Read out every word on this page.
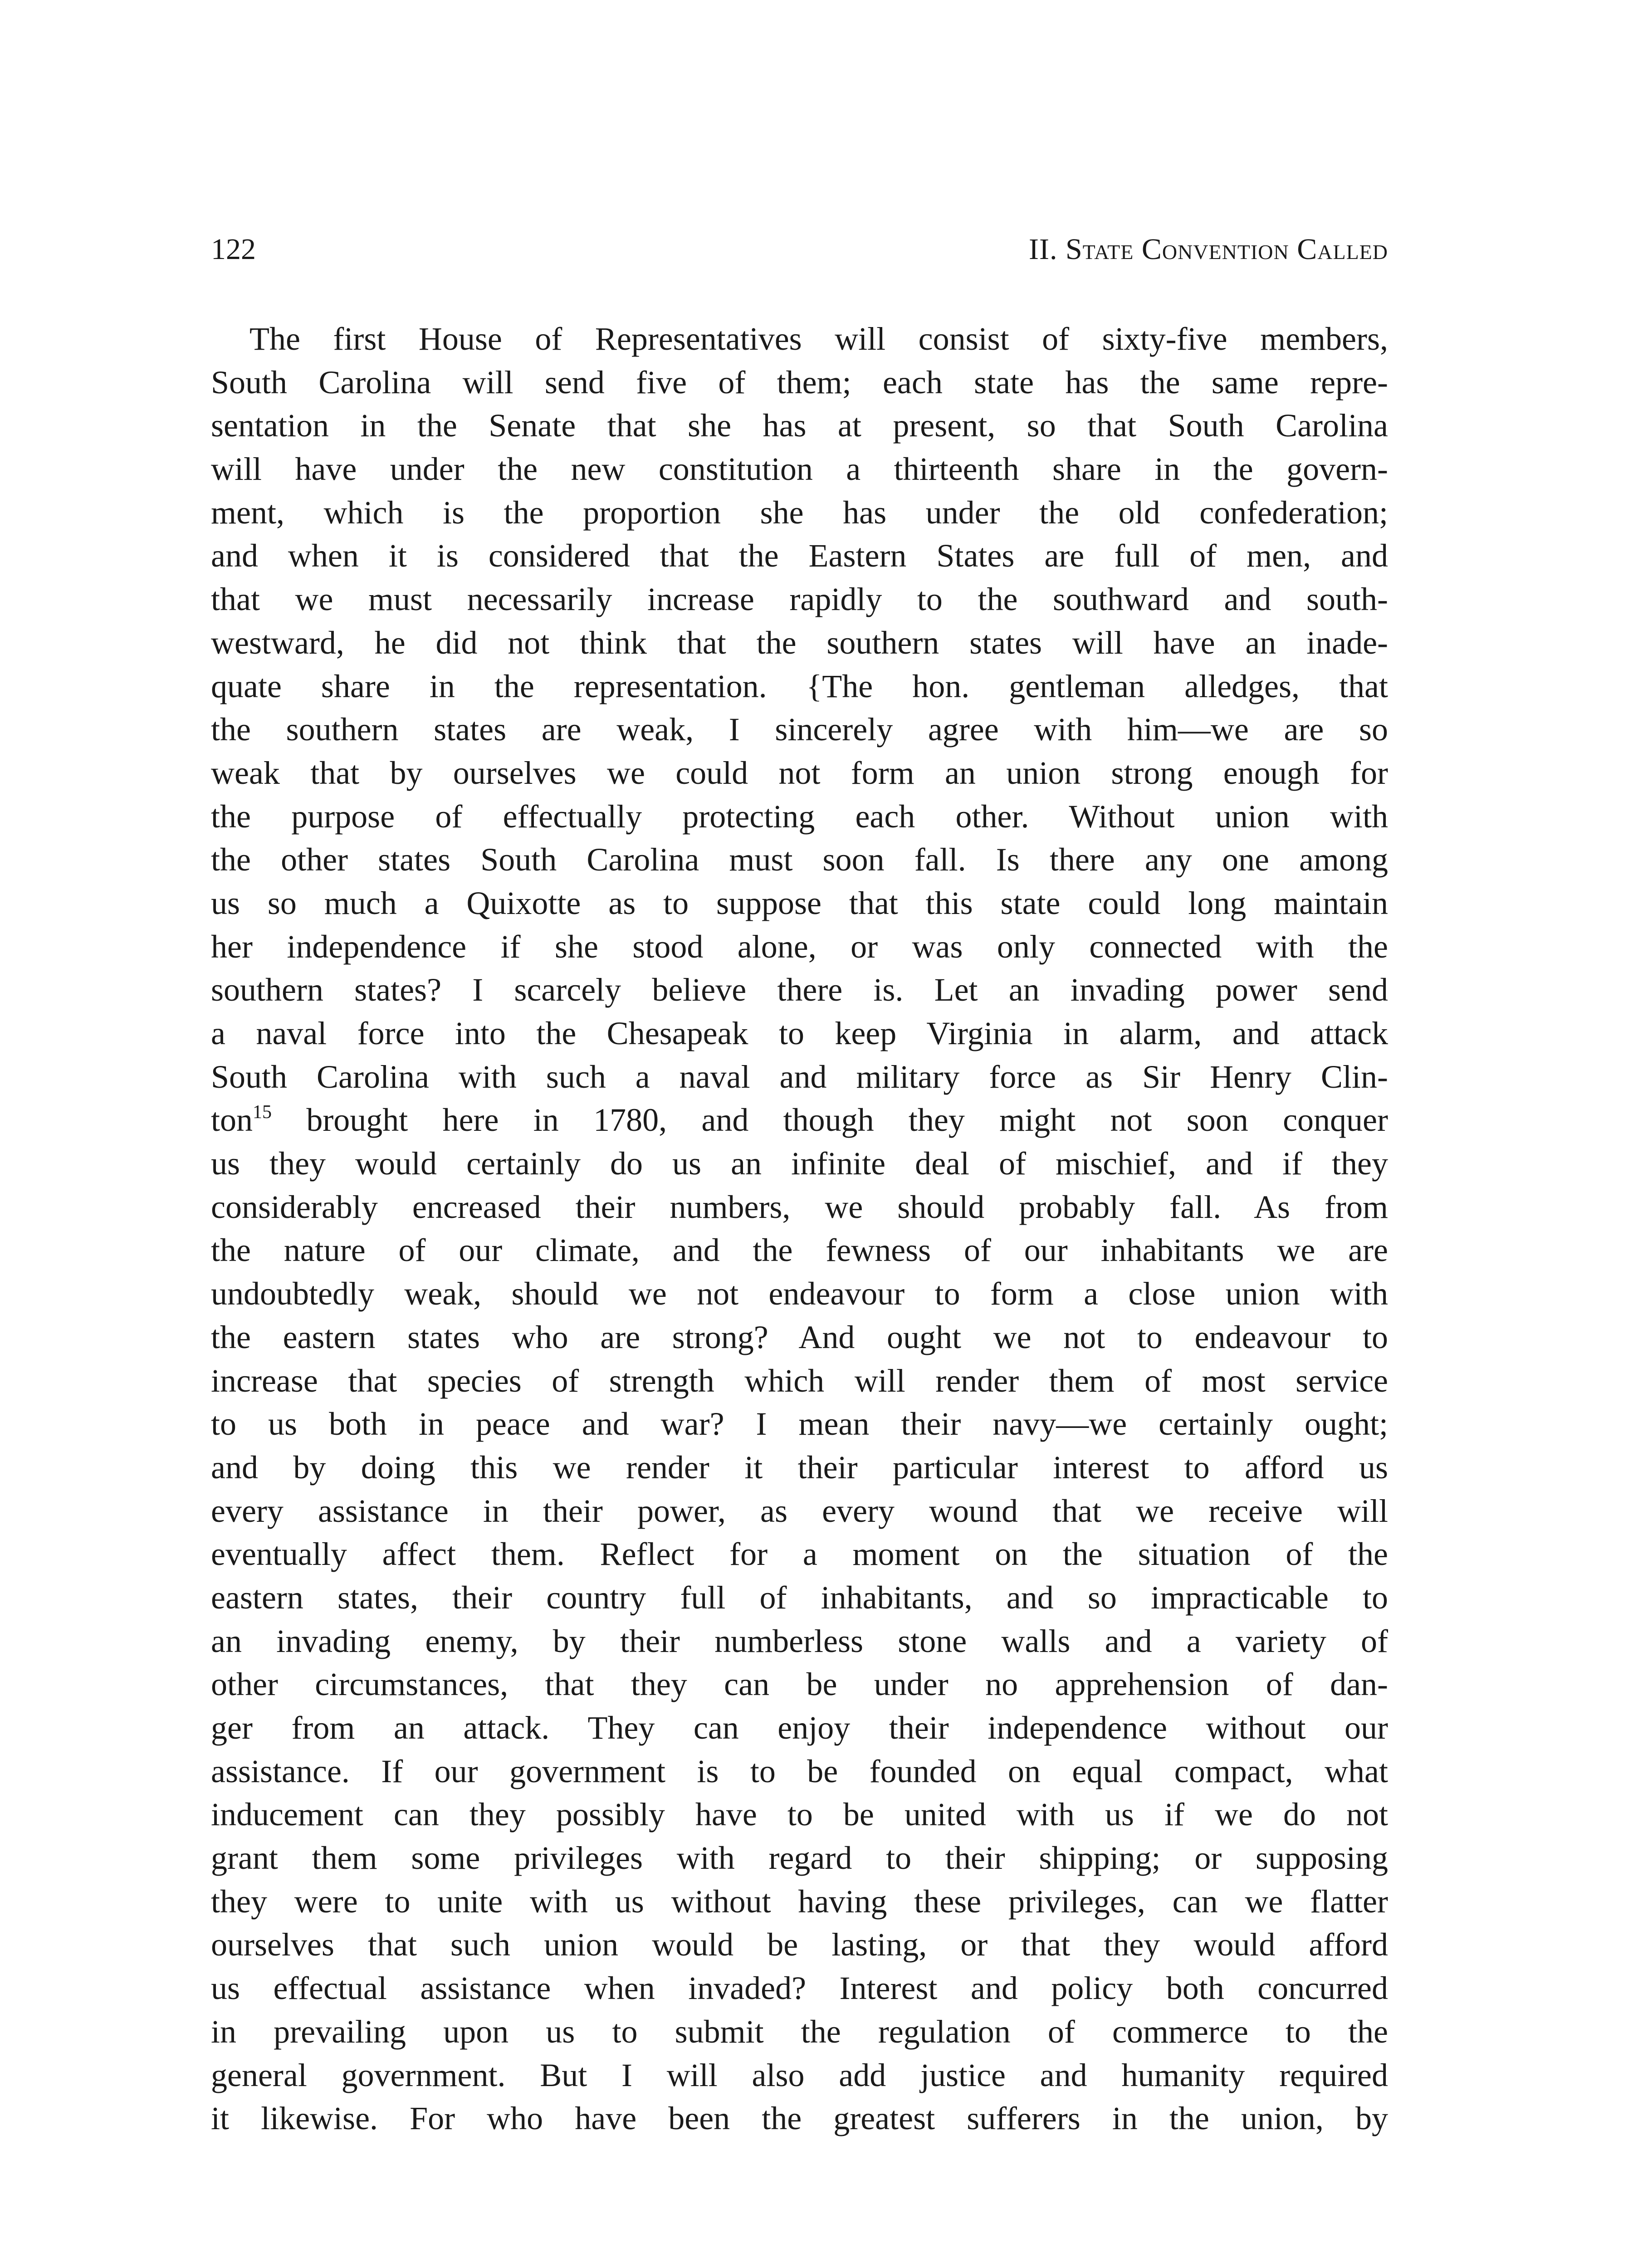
122	II. State Convention Called
The first House of Representatives will consist of sixty-five members,
South Carolina will send five of them; each state has the same repre-
sentation in the Senate that she has at present, so that South Carolina
will have under the new constitution a thirteenth share in the govern-
ment, which is the proportion she has under the old confederation;
and when it is considered that the Eastern States are full of men, and
that we must necessarily increase rapidly to the southward and south-
westward, he did not think that the southern states will have an inade-
quate share in the representation. {The hon. gentleman alledges, that
the southern states are weak, I sincerely agree with him—we are so
weak that by ourselves we could not form an union strong enough for
the purpose of effectually protecting each other. Without union with
the other states South Carolina must soon fall. Is there any one among
us so much a Quixotte as to suppose that this state could long maintain
her independence if she stood alone, or was only connected with the
southern states? I scarcely believe there is. Let an invading power send
a naval force into the Chesapeak to keep Virginia in alarm, and attack
South Carolina with such a naval and military force as Sir Henry Clin-
ton$^{15}$ brought here in 1780, and though they might not soon conquer
us they would certainly do us an infinite deal of mischief, and if they
considerably encreased their numbers, we should probably fall. As from
the nature of our climate, and the fewness of our inhabitants we are
undoubtedly weak, should we not endeavour to form a close union with
the eastern states who are strong? And ought we not to endeavour to
increase that species of strength which will render them of most service
to us both in peace and war? I mean their navy—we certainly ought;
and by doing this we render it their particular interest to afford us
every assistance in their power, as every wound that we receive will
eventually affect them. Reflect for a moment on the situation of the
eastern states, their country full of inhabitants, and so impracticable to
an invading enemy, by their numberless stone walls and a variety of
other circumstances, that they can be under no apprehension of dan-
ger from an attack. They can enjoy their independence without our
assistance. If our government is to be founded on equal compact, what
inducement can they possibly have to be united with us if we do not
grant them some privileges with regard to their shipping; or supposing
they were to unite with us without having these privileges, can we flatter
ourselves that such union would be lasting, or that they would afford
us effectual assistance when invaded? Interest and policy both concurred
in prevailing upon us to submit the regulation of commerce to the
general government. But I will also add justice and humanity required
it likewise. For who have been the greatest sufferers in the union, by
